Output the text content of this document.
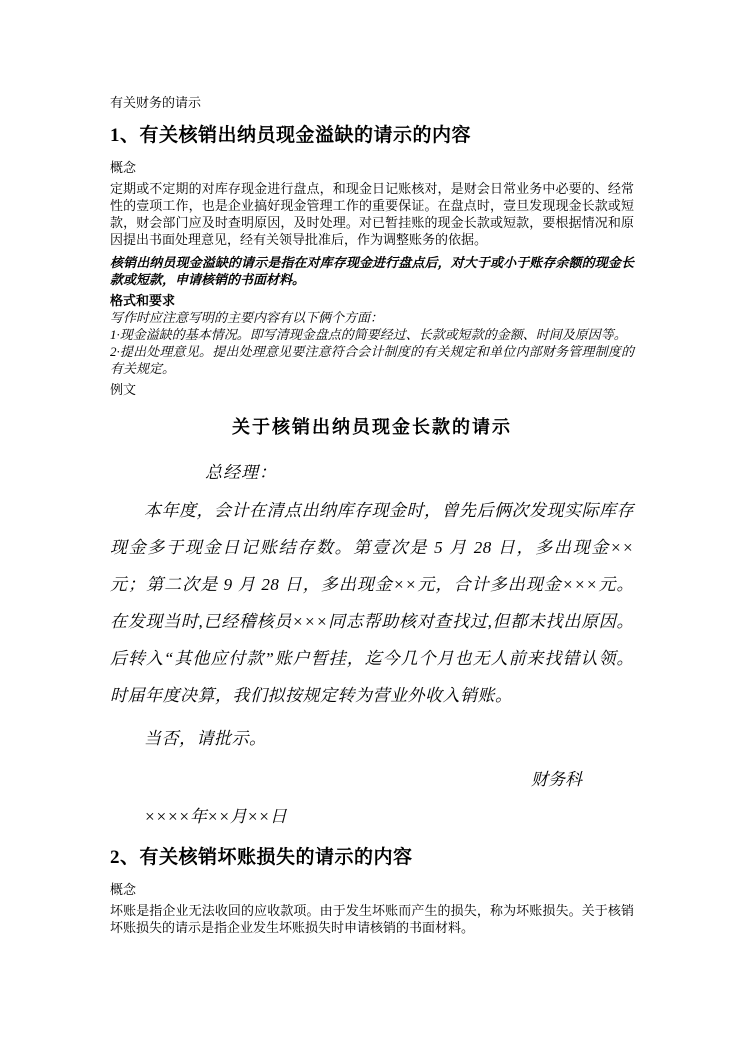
有关财务的请示

1、有关核销出纳员现金溢缺的请示的内容

概念

定期或不定期的对库存现金进行盘点，和现金日记账核对，是财会日常业务中必要的、经常性的壹项工作，也是企业搞好现金管理工作的重要保证。在盘点时，壹旦发现现金长款或短款，财会部门应及时查明原因，及时处理。对已暂挂账的现金长款或短款，要根据情况和原因提出书面处理意见，经有关领导批准后，作为调整账务的依据。

核销出纳员现金溢缺的请示是指在对库存现金进行盘点后，对大于或小于账存余额的现金长款或短款，申请核销的书面材料。

格式和要求

写作时应注意写明的主要内容有以下俩个方面：

1·现金溢缺的基本情况。即写清现金盘点的简要经过、长款或短款的金额、时间及原因等。

2·提出处理意见。提出处理意见要注意符合会计制度的有关规定和单位内部财务管理制度的有关规定。

例文

关于核销出纳员现金长款的请示

总经理：

本年度，会计在清点出纳库存现金时，曾先后俩次发现实际库存现金多于现金日记账结存数。第壹次是 5 月 28 日，多出现金××元；第二次是 9 月 28 日，多出现金××元，合计多出现金×××元。在发现当时,已经稽核员×××同志帮助核对查找过,但都未找出原因。后转入“其他应付款”账户暂挂，迄今几个月也无人前来找错认领。时届年度决算，我们拟按规定转为营业外收入销账。

当否，请批示。

财务科

××××年××月××日

2、有关核销坏账损失的请示的内容

概念

坏账是指企业无法收回的应收款项。由于发生坏账而产生的损失，称为坏账损失。关于核销坏账损失的请示是指企业发生坏账损失时申请核销的书面材料。
